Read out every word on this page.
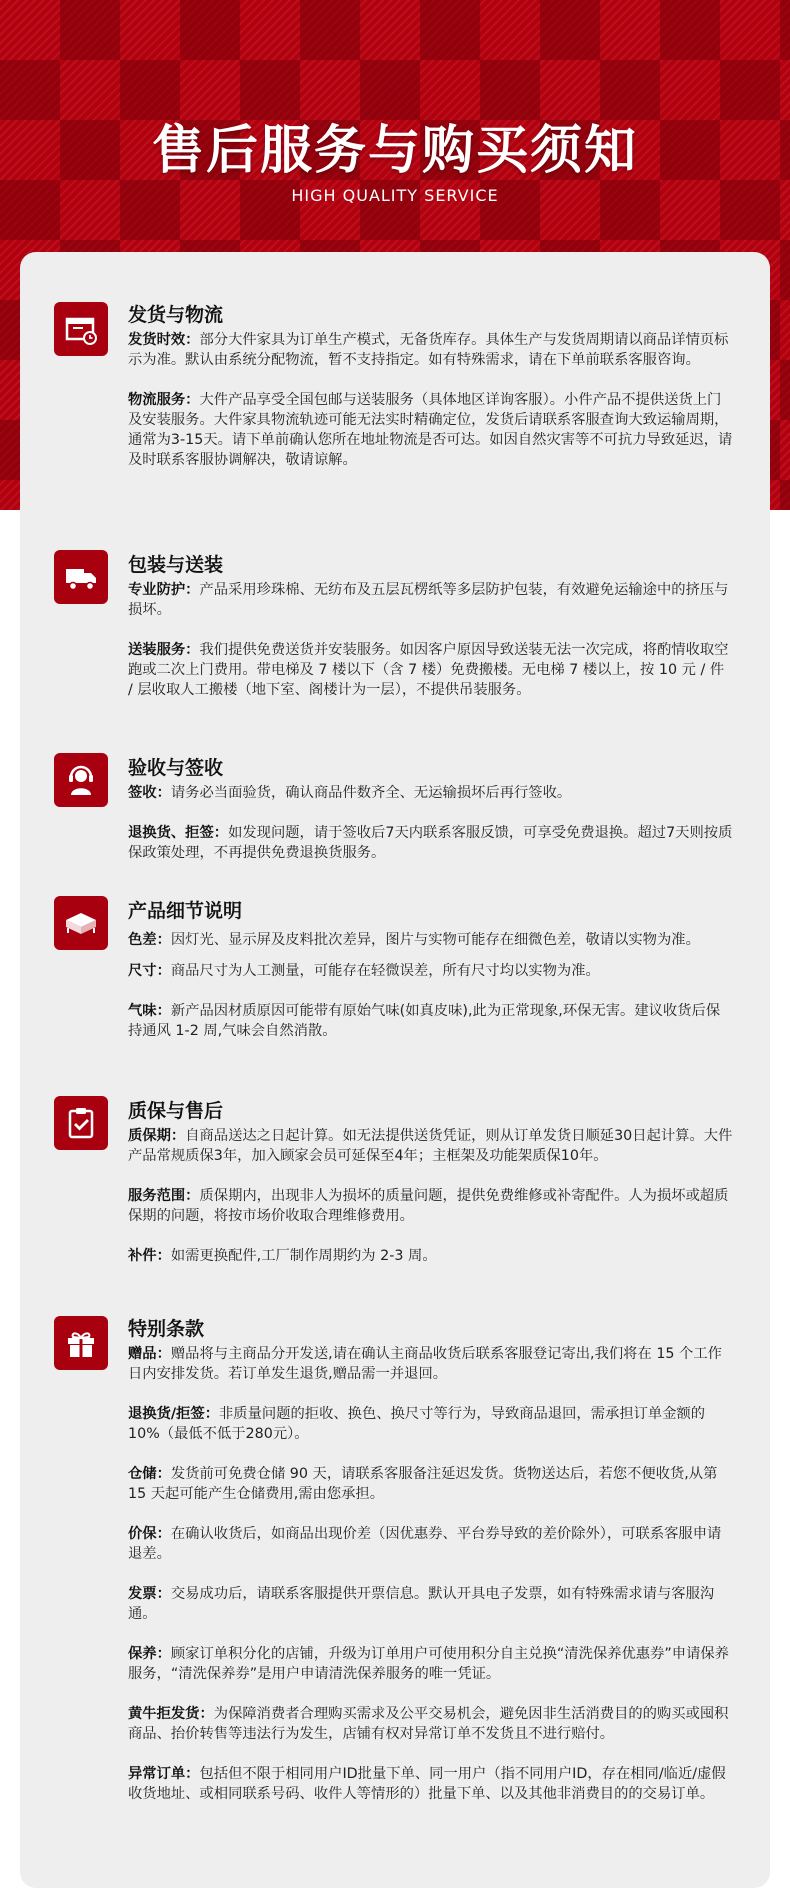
售后服务与购买须知
HIGH QUALITY SERVICE
发货与物流
发货时效：部分大件家具为订单生产模式，无备货库存。具体生产与发货周期请以商品详情页标示为准。默认由系统分配物流，暂不支持指定。如有特殊需求，请在下单前联系客服咨询。
物流服务：大件产品享受全国包邮与送装服务（具体地区详询客服）。小件产品不提供送货上门及安装服务。大件家具物流轨迹可能无法实时精确定位，发货后请联系客服查询大致运输周期，通常为3-15天。请下单前确认您所在地址物流是否可达。如因自然灾害等不可抗力导致延迟，请及时联系客服协调解决，敬请谅解。
包装与送装
专业防护：产品采用珍珠棉、无纺布及五层瓦楞纸等多层防护包装，有效避免运输途中的挤压与损坏。
送装服务：我们提供免费送货并安装服务。如因客户原因导致送装无法一次完成，将酌情收取空跑或二次上门费用。带电梯及 7 楼以下（含 7 楼）免费搬楼。无电梯 7 楼以上，按 10 元 / 件 / 层收取人工搬楼（地下室、阁楼计为一层），不提供吊装服务。
验收与签收
签收：请务必当面验货，确认商品件数齐全、无运输损坏后再行签收。
退换货、拒签：如发现问题，请于签收后7天内联系客服反馈，可享受免费退换。超过7天则按质保政策处理，不再提供免费退换货服务。
产品细节说明
色差：因灯光、显示屏及皮料批次差异，图片与实物可能存在细微色差，敬请以实物为准。
尺寸：商品尺寸为人工测量，可能存在轻微误差，所有尺寸均以实物为准。
气味：新产品因材质原因可能带有原始气味(如真皮味),此为正常现象,环保无害。建议收货后保持通风 1-2 周,气味会自然消散。
质保与售后
质保期：自商品送达之日起计算。如无法提供送货凭证，则从订单发货日顺延30日起计算。大件产品常规质保3年，加入顾家会员可延保至4年；主框架及功能架质保10年。
服务范围：质保期内，出现非人为损坏的质量问题，提供免费维修或补寄配件。人为损坏或超质保期的问题，将按市场价收取合理维修费用。
补件：如需更换配件,工厂制作周期约为 2-3 周。
特别条款
赠品：赠品将与主商品分开发送,请在确认主商品收货后联系客服登记寄出,我们将在 15 个工作日内安排发货。若订单发生退货,赠品需一并退回。
退换货/拒签：非质量问题的拒收、换色、换尺寸等行为，导致商品退回，需承担订单金额的10%（最低不低于280元）。
仓储：发货前可免费仓储 90 天，请联系客服备注延迟发货。货物送达后，若您不便收货,从第 15 天起可能产生仓储费用,需由您承担。
价保：在确认收货后，如商品出现价差（因优惠券、平台券导致的差价除外），可联系客服申请退差。
发票：交易成功后，请联系客服提供开票信息。默认开具电子发票，如有特殊需求请与客服沟通。
保养：顾家订单积分化的店铺，升级为订单用户可使用积分自主兑换“清洗保养优惠券”申请保养服务，“清洗保养券”是用户申请清洗保养服务的唯一凭证。
黄牛拒发货：为保障消费者合理购买需求及公平交易机会，避免因非生活消费目的的购买或囤积商品、抬价转售等违法行为发生，店铺有权对异常订单不发货且不进行赔付。
异常订单：包括但不限于相同用户ID批量下单、同一用户（指不同用户ID，存在相同/临近/虚假收货地址、或相同联系号码、收件人等情形的）批量下单、以及其他非消费目的的交易订单。
